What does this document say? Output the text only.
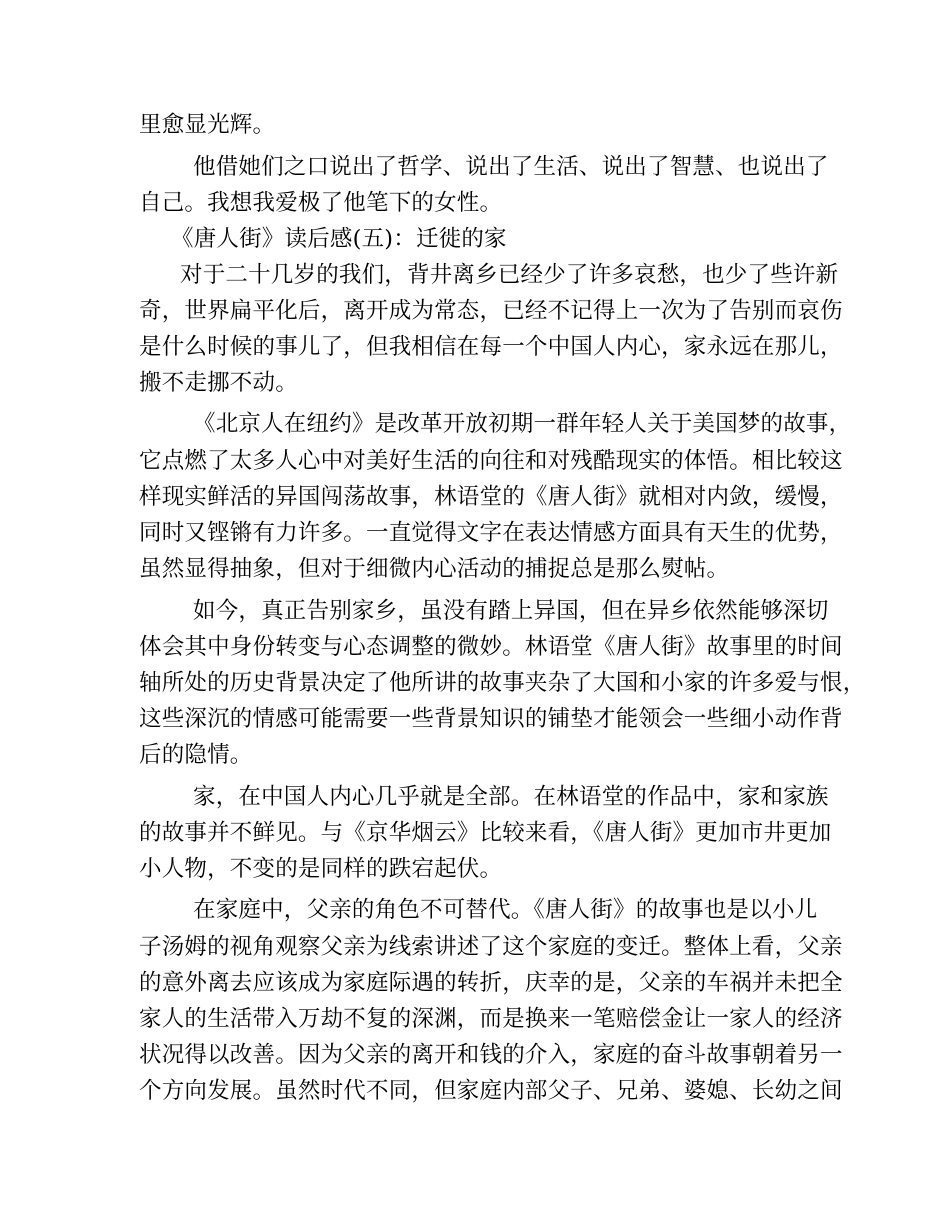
里愈显光辉。
他借她们之口说出了哲学、说出了生活、说出了智慧、也说出了
自己。我想我爱极了他笔下的女性。
《唐人街》读后感(五)：迁徙的家
对于二十几岁的我们，背井离乡已经少了许多哀愁，也少了些许新
奇，世界扁平化后，离开成为常态，已经不记得上一次为了告别而哀伤
是什么时候的事儿了，但我相信在每一个中国人内心，家永远在那儿，
搬不走挪不动。
《北京人在纽约》是改革开放初期一群年轻人关于美国梦的故事，
它点燃了太多人心中对美好生活的向往和对残酷现实的体悟。相比较这
样现实鲜活的异国闯荡故事，林语堂的《唐人街》就相对内敛，缓慢，
同时又铿锵有力许多。一直觉得文字在表达情感方面具有天生的优势，
虽然显得抽象，但对于细微内心活动的捕捉总是那么熨帖。
如今，真正告别家乡，虽没有踏上异国，但在异乡依然能够深切
体会其中身份转变与心态调整的微妙。林语堂《唐人街》故事里的时间
轴所处的历史背景决定了他所讲的故事夹杂了大国和小家的许多爱与恨，
这些深沉的情感可能需要一些背景知识的铺垫才能领会一些细小动作背
后的隐情。
家，在中国人内心几乎就是全部。在林语堂的作品中，家和家族
的故事并不鲜见。与《京华烟云》比较来看，《唐人街》更加市井更加
小人物，不变的是同样的跌宕起伏。
在家庭中，父亲的角色不可替代。《唐人街》的故事也是以小儿
子汤姆的视角观察父亲为线索讲述了这个家庭的变迁。整体上看，父亲
的意外离去应该成为家庭际遇的转折，庆幸的是，父亲的车祸并未把全
家人的生活带入万劫不复的深渊，而是换来一笔赔偿金让一家人的经济
状况得以改善。因为父亲的离开和钱的介入，家庭的奋斗故事朝着另一
个方向发展。虽然时代不同，但家庭内部父子、兄弟、婆媳、长幼之间
